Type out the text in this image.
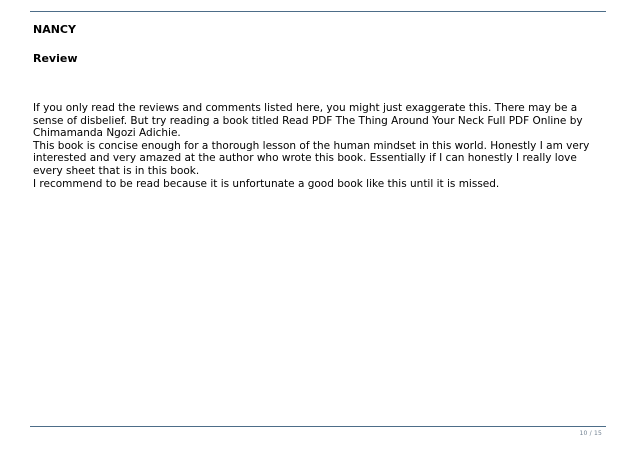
NANCY
Review

If you only read the reviews and comments listed here, you might just exaggerate this. There may be a sense of disbelief. But try reading a book titled Read PDF The Thing Around Your Neck Full PDF Online by Chimamanda Ngozi Adichie.

This book is concise enough for a thorough lesson of the human mindset in this world. Honestly I am very interested and very amazed at the author who wrote this book. Essentially if I can honestly I really love every sheet that is in this book.

I recommend to be read because it is unfortunate a good book like this until it is missed.

10 / 15
